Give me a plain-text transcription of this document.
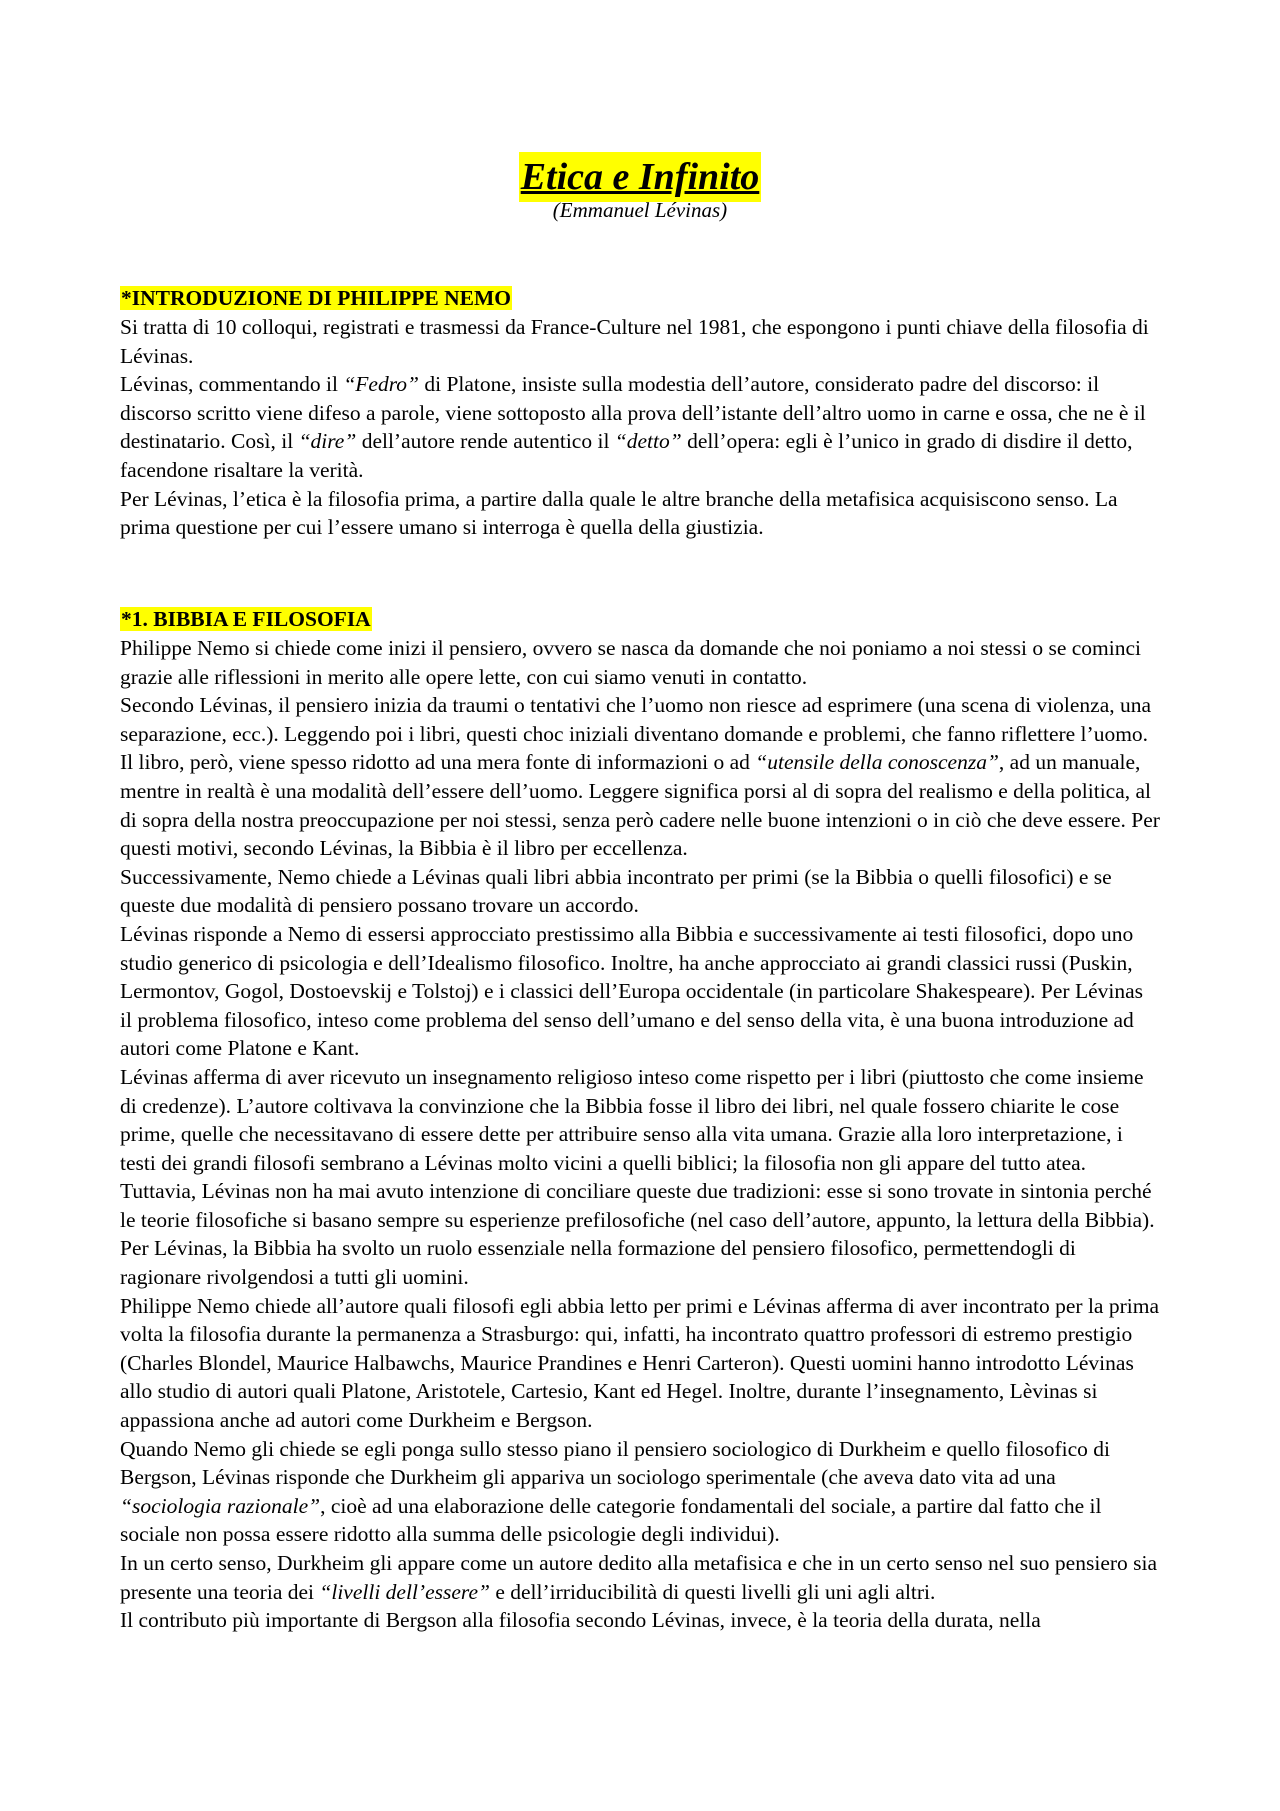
Etica e Infinito
(Emmanuel Lévinas)

*INTRODUZIONE DI PHILIPPE NEMO

Si tratta di 10 colloqui, registrati e trasmessi da France-Culture nel 1981, che espongono i punti chiave della filosofia di Lévinas.

Lévinas, commentando il “Fedro” di Platone, insiste sulla modestia dell’autore, considerato padre del discorso: il discorso scritto viene difeso a parole, viene sottoposto alla prova dell’istante dell’altro uomo in carne e ossa, che ne è il destinatario. Così, il “dire” dell’autore rende autentico il “detto” dell’opera: egli è l’unico in grado di disdire il detto, facendone risaltare la verità.

Per Lévinas, l’etica è la filosofia prima, a partire dalla quale le altre branche della metafisica acquisiscono senso. La prima questione per cui l’essere umano si interroga è quella della giustizia.

*1. BIBBIA E FILOSOFIA

Philippe Nemo si chiede come inizi il pensiero, ovvero se nasca da domande che noi poniamo a noi stessi o se cominci grazie alle riflessioni in merito alle opere lette, con cui siamo venuti in contatto.

Secondo Lévinas, il pensiero inizia da traumi o tentativi che l’uomo non riesce ad esprimere (una scena di violenza, una separazione, ecc.). Leggendo poi i libri, questi choc iniziali diventano domande e problemi, che fanno riflettere l’uomo. Il libro, però, viene spesso ridotto ad una mera fonte di informazioni o ad “utensile della conoscenza”, ad un manuale, mentre in realtà è una modalità dell’essere dell’uomo. Leggere significa porsi al di sopra del realismo e della politica, al di sopra della nostra preoccupazione per noi stessi, senza però cadere nelle buone intenzioni o in ciò che deve essere. Per questi motivi, secondo Lévinas, la Bibbia è il libro per eccellenza.

Successivamente, Nemo chiede a Lévinas quali libri abbia incontrato per primi (se la Bibbia o quelli filosofici) e se queste due modalità di pensiero possano trovare un accordo.

Lévinas risponde a Nemo di essersi approcciato prestissimo alla Bibbia e successivamente ai testi filosofici, dopo uno studio generico di psicologia e dell’Idealismo filosofico. Inoltre, ha anche approcciato ai grandi classici russi (Puskin, Lermontov, Gogol, Dostoevskij e Tolstoj) e i classici dell’Europa occidentale (in particolare Shakespeare). Per Lévinas il problema filosofico, inteso come problema del senso dell’umano e del senso della vita, è una buona introduzione ad autori come Platone e Kant.

Lévinas afferma di aver ricevuto un insegnamento religioso inteso come rispetto per i libri (piuttosto che come insieme di credenze). L’autore coltivava la convinzione che la Bibbia fosse il libro dei libri, nel quale fossero chiarite le cose prime, quelle che necessitavano di essere dette per attribuire senso alla vita umana. Grazie alla loro interpretazione, i testi dei grandi filosofi sembrano a Lévinas molto vicini a quelli biblici; la filosofia non gli appare del tutto atea. Tuttavia, Lévinas non ha mai avuto intenzione di conciliare queste due tradizioni: esse si sono trovate in sintonia perché le teorie filosofiche si basano sempre su esperienze prefilosofiche (nel caso dell’autore, appunto, la lettura della Bibbia).

Per Lévinas, la Bibbia ha svolto un ruolo essenziale nella formazione del pensiero filosofico, permettendogli di ragionare rivolgendosi a tutti gli uomini.

Philippe Nemo chiede all’autore quali filosofi egli abbia letto per primi e Lévinas afferma di aver incontrato per la prima volta la filosofia durante la permanenza a Strasburgo: qui, infatti, ha incontrato quattro professori di estremo prestigio (Charles Blondel, Maurice Halbawchs, Maurice Prandines e Henri Carteron). Questi uomini hanno introdotto Lévinas allo studio di autori quali Platone, Aristotele, Cartesio, Kant ed Hegel. Inoltre, durante l’insegnamento, Lèvinas si appassiona anche ad autori come Durkheim e Bergson.

Quando Nemo gli chiede se egli ponga sullo stesso piano il pensiero sociologico di Durkheim e quello filosofico di Bergson, Lévinas risponde che Durkheim gli appariva un sociologo sperimentale (che aveva dato vita ad una “sociologia razionale”, cioè ad una elaborazione delle categorie fondamentali del sociale, a partire dal fatto che il sociale non possa essere ridotto alla summa delle psicologie degli individui).

In un certo senso, Durkheim gli appare come un autore dedito alla metafisica e che in un certo senso nel suo pensiero sia presente una teoria dei “livelli dell’essere” e dell’irriducibilità di questi livelli gli uni agli altri.

Il contributo più importante di Bergson alla filosofia secondo Lévinas, invece, è la teoria della durata, nella
